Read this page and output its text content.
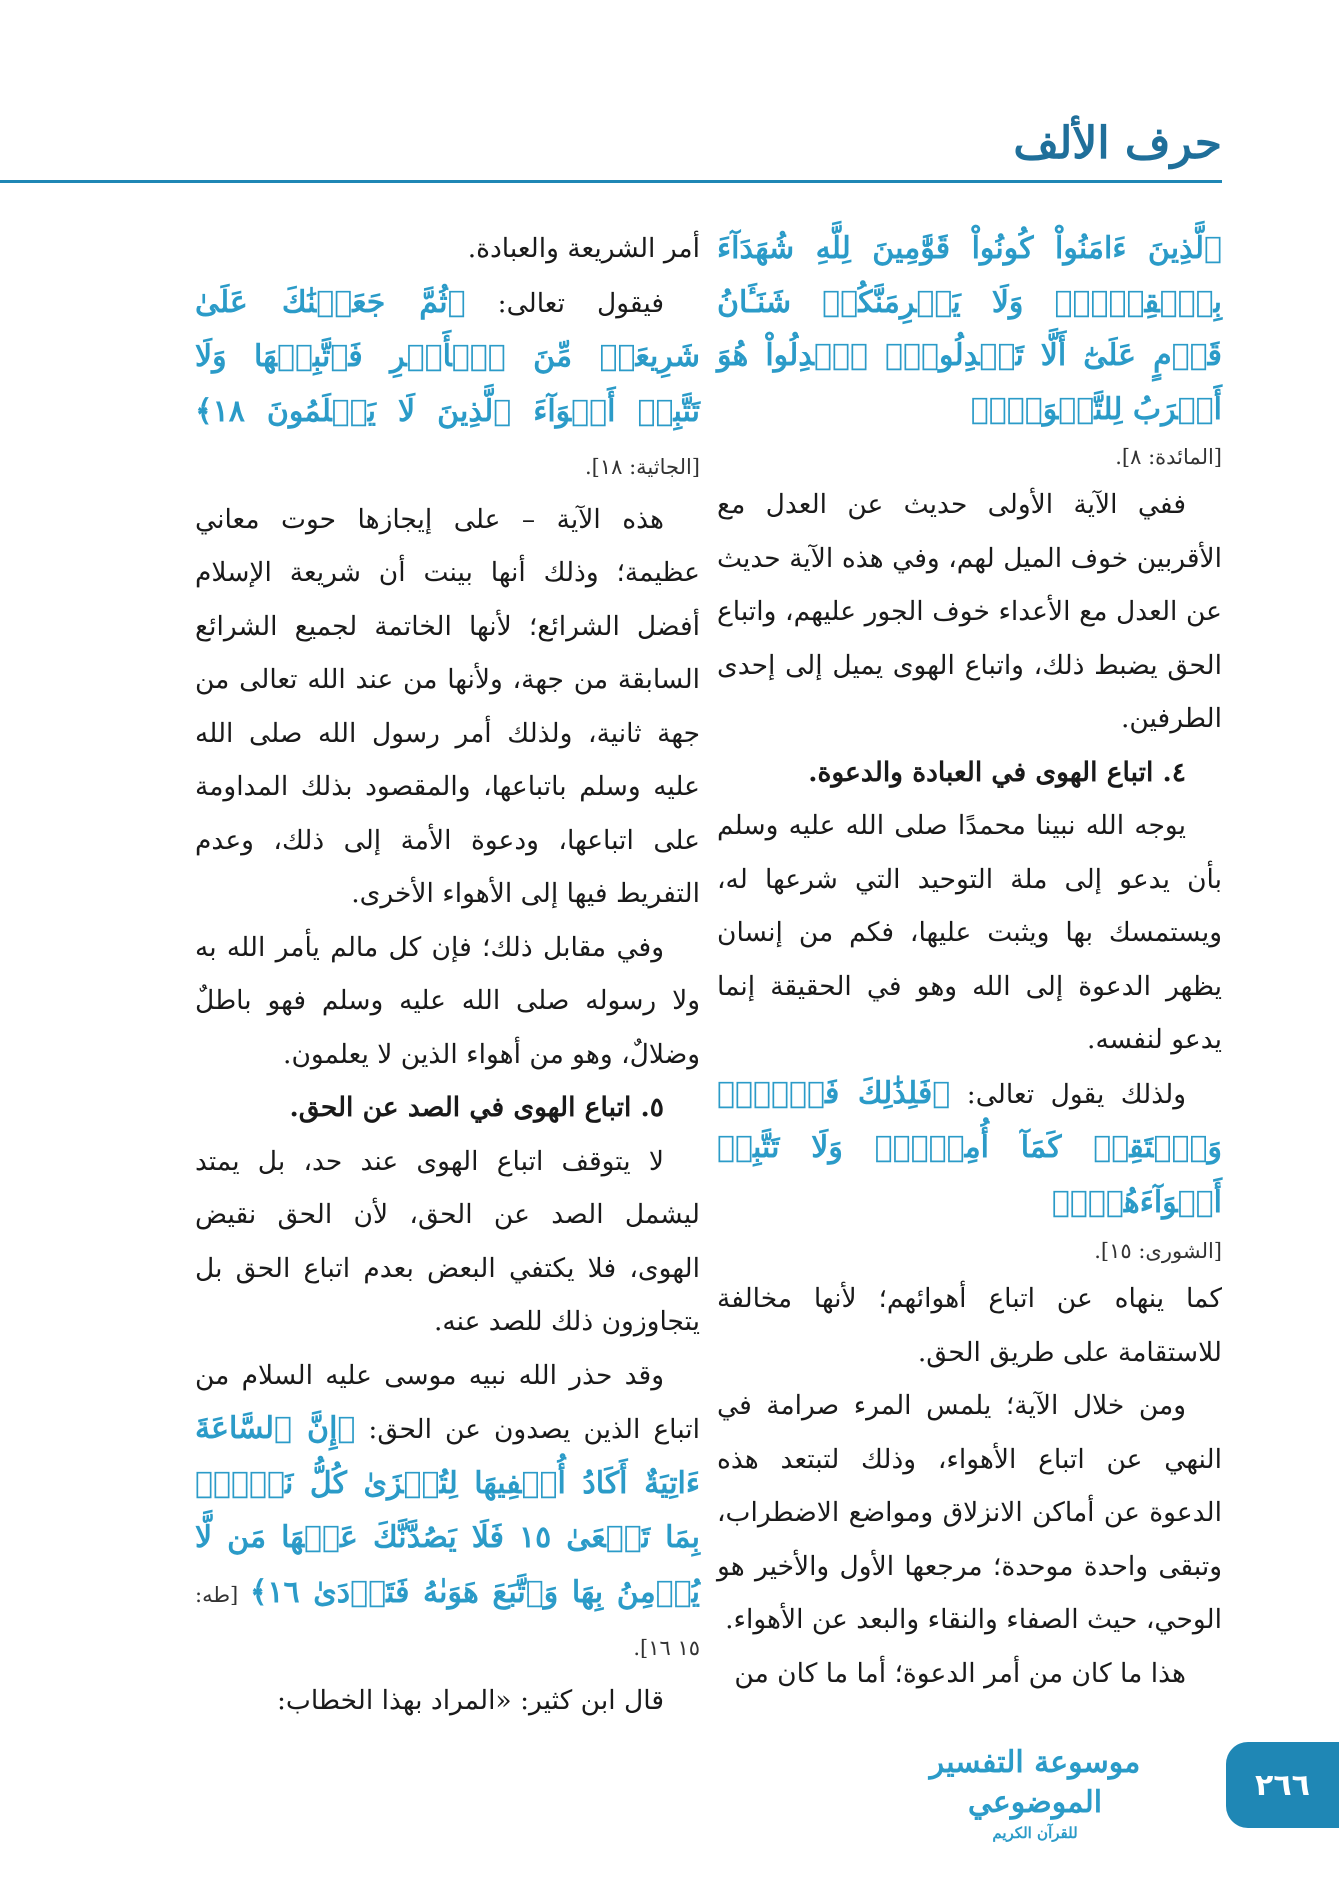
حرف الألف

ﭐلَّذِينَ ءَامَنُواْ كُونُواْ قَوَّٰمِينَ لِلَّهِ شُهَدَآءَ بِٱلۡقِسۡطِۖ وَلَا يَجۡرِمَنَّكُمۡ شَنَـَٔانُ قَوۡمٍ عَلَىٰٓ أَلَّا تَعۡدِلُواْۚ ٱعۡدِلُواْ هُوَ أَقۡرَبُ لِلتَّقۡوَىٰۖ﴾

[المائدة: ٨].

ففي الآية الأولى حديث عن العدل مع الأقربين خوف الميل لهم، وفي هذه الآية حديث عن العدل مع الأعداء خوف الجور عليهم، واتباع الحق يضبط ذلك، واتباع الهوى يميل إلى إحدى الطرفين.

٤. اتباع الهوى في العبادة والدعوة.

يوجه الله نبينا محمدًا صلى الله عليه وسلم بأن يدعو إلى ملة التوحيد التي شرعها له، ويستمسك بها ويثبت عليها، فكم من إنسان يظهر الدعوة إلى الله وهو في الحقيقة إنما يدعو لنفسه.

ولذلك يقول تعالى: ﴿فَلِذَٰلِكَ فَٱدۡعُۖ وَٱسۡتَقِمۡ كَمَآ أُمِرۡتَۖ وَلَا تَتَّبِعۡ أَهۡوَآءَهُمۡۖ﴾

[الشورى: ١٥].

كما ينهاه عن اتباع أهوائهم؛ لأنها مخالفة للاستقامة على طريق الحق.

ومن خلال الآية؛ يلمس المرء صرامة في النهي عن اتباع الأهواء، وذلك لتبتعد هذه الدعوة عن أماكن الانزلاق ومواضع الاضطراب، وتبقى واحدة موحدة؛ مرجعها الأول والأخير هو الوحي، حيث الصفاء والنقاء والبعد عن الأهواء.

هذا ما كان من أمر الدعوة؛ أما ما كان من

أمر الشريعة والعبادة.

فيقول تعالى: ﴿ثُمَّ جَعَلۡنَٰكَ عَلَىٰ شَرِيعَةٖ مِّنَ ٱلۡأَمۡرِ فَٱتَّبِعۡهَا وَلَا تَتَّبِعۡ أَهۡوَآءَ ٱلَّذِينَ لَا يَعۡلَمُونَ ١٨﴾ [الجاثية: ١٨].

هذه الآية – على إيجازها حوت معاني عظيمة؛ وذلك أنها بينت أن شريعة الإسلام أفضل الشرائع؛ لأنها الخاتمة لجميع الشرائع السابقة من جهة، ولأنها من عند الله تعالى من جهة ثانية، ولذلك أمر رسول الله صلى الله عليه وسلم باتباعها، والمقصود بذلك المداومة على اتباعها، ودعوة الأمة إلى ذلك، وعدم التفريط فيها إلى الأهواء الأخرى.

وفي مقابل ذلك؛ فإن كل مالم يأمر الله به ولا رسوله صلى الله عليه وسلم فهو باطلٌ وضلالٌ، وهو من أهواء الذين لا يعلمون.

٥. اتباع الهوى في الصد عن الحق.

لا يتوقف اتباع الهوى عند حد، بل يمتد ليشمل الصد عن الحق، لأن الحق نقيض الهوى، فلا يكتفي البعض بعدم اتباع الحق بل يتجاوزون ذلك للصد عنه.

وقد حذر الله نبيه موسى عليه السلام من اتباع الذين يصدون عن الحق: ﴿إِنَّ ٱلسَّاعَةَ ءَاتِيَةٌ أَكَادُ أُخۡفِيهَا لِتُجۡزَىٰ كُلُّ نَفۡسِۢ بِمَا تَسۡعَىٰ ١٥ فَلَا يَصُدَّنَّكَ عَنۡهَا مَن لَّا يُؤۡمِنُ بِهَا وَٱتَّبَعَ هَوَىٰهُ فَتَرۡدَىٰ ١٦﴾ [طه: ١٥ ١٦].

قال ابن كثير: «المراد بهذا الخطاب:

موسوعة التفسير الموضوعي
للقرآن الكريم
٢٦٦
